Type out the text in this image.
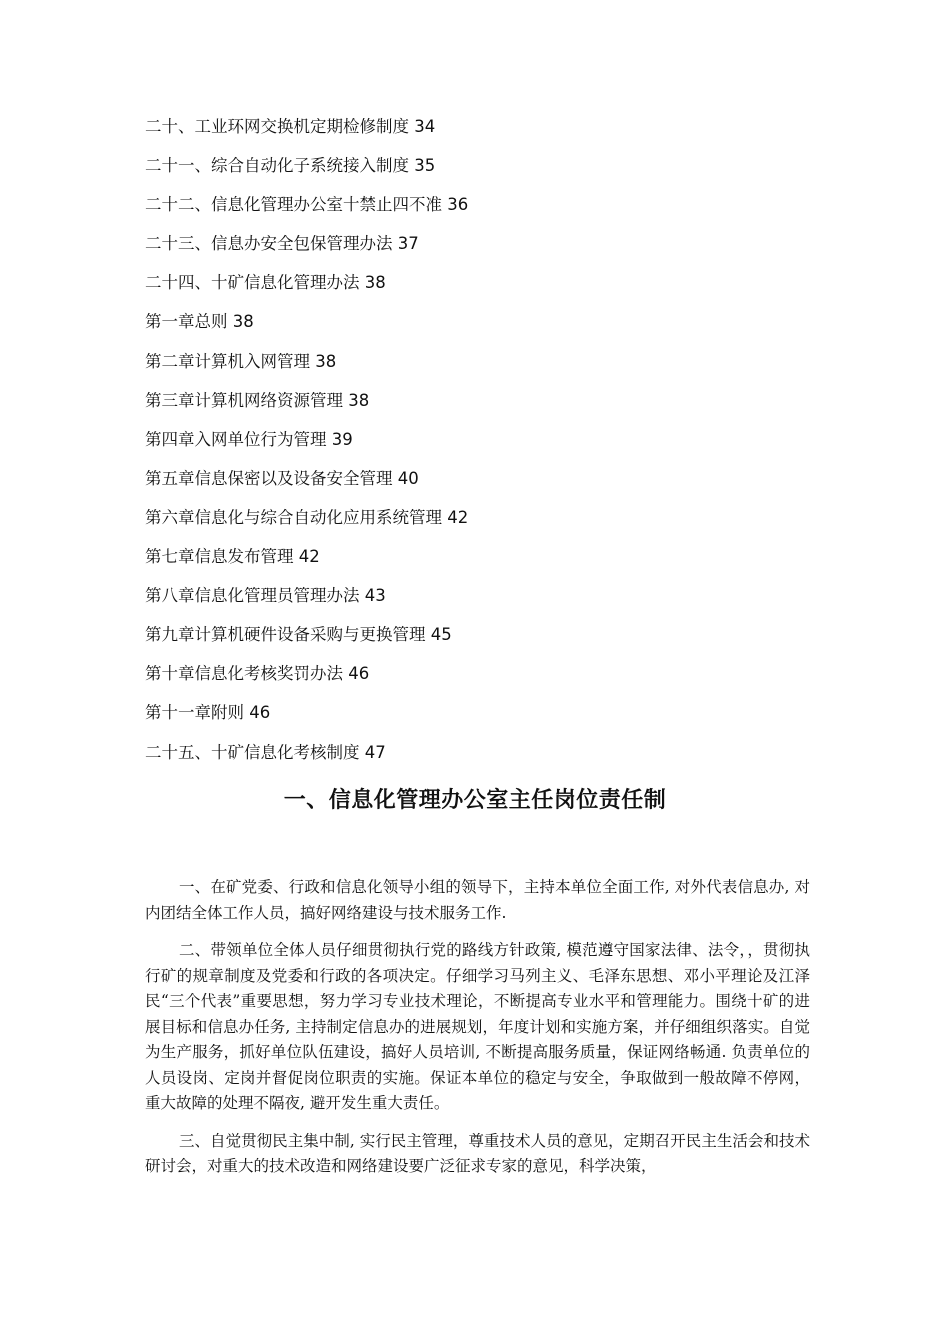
二十、工业环网交换机定期检修制度 34
二十一、综合自动化子系统接入制度 35
二十二、信息化管理办公室十禁止四不准 36
二十三、信息办安全包保管理办法 37
二十四、十矿信息化管理办法 38
第一章总则 38
第二章计算机入网管理 38
第三章计算机网络资源管理 38
第四章入网单位行为管理 39
第五章信息保密以及设备安全管理 40
第六章信息化与综合自动化应用系统管理 42
第七章信息发布管理 42
第八章信息化管理员管理办法 43
第九章计算机硬件设备采购与更换管理 45
第十章信息化考核奖罚办法 46
第十一章附则 46
二十五、十矿信息化考核制度 47
一、信息化管理办公室主任岗位责任制

一、在矿党委、行政和信息化领导小组的领导下，主持本单位全面工作, 对外代表信息办, 对内团结全体工作人员，搞好网络建设与技术服务工作.

二、带领单位全体人员仔细贯彻执行党的路线方针政策, 模范遵守国家法律、法令，，贯彻执行矿的规章制度及党委和行政的各项决定。仔细学习马列主义、毛泽东思想、邓小平理论及江泽民“三个代表”重要思想，努力学习专业技术理论，不断提高专业水平和管理能力。围绕十矿的进展目标和信息办任务, 主持制定信息办的进展规划，年度计划和实施方案，并仔细组织落实。自觉为生产服务，抓好单位队伍建设，搞好人员培训, 不断提高服务质量，保证网络畅通. 负责单位的人员设岗、定岗并督促岗位职责的实施。保证本单位的稳定与安全，争取做到一般故障不停网，重大故障的处理不隔夜, 避开发生重大责任。

三、自觉贯彻民主集中制, 实行民主管理，尊重技术人员的意见，定期召开民主生活会和技术研讨会，对重大的技术改造和网络建设要广泛征求专家的意见，科学决策，
